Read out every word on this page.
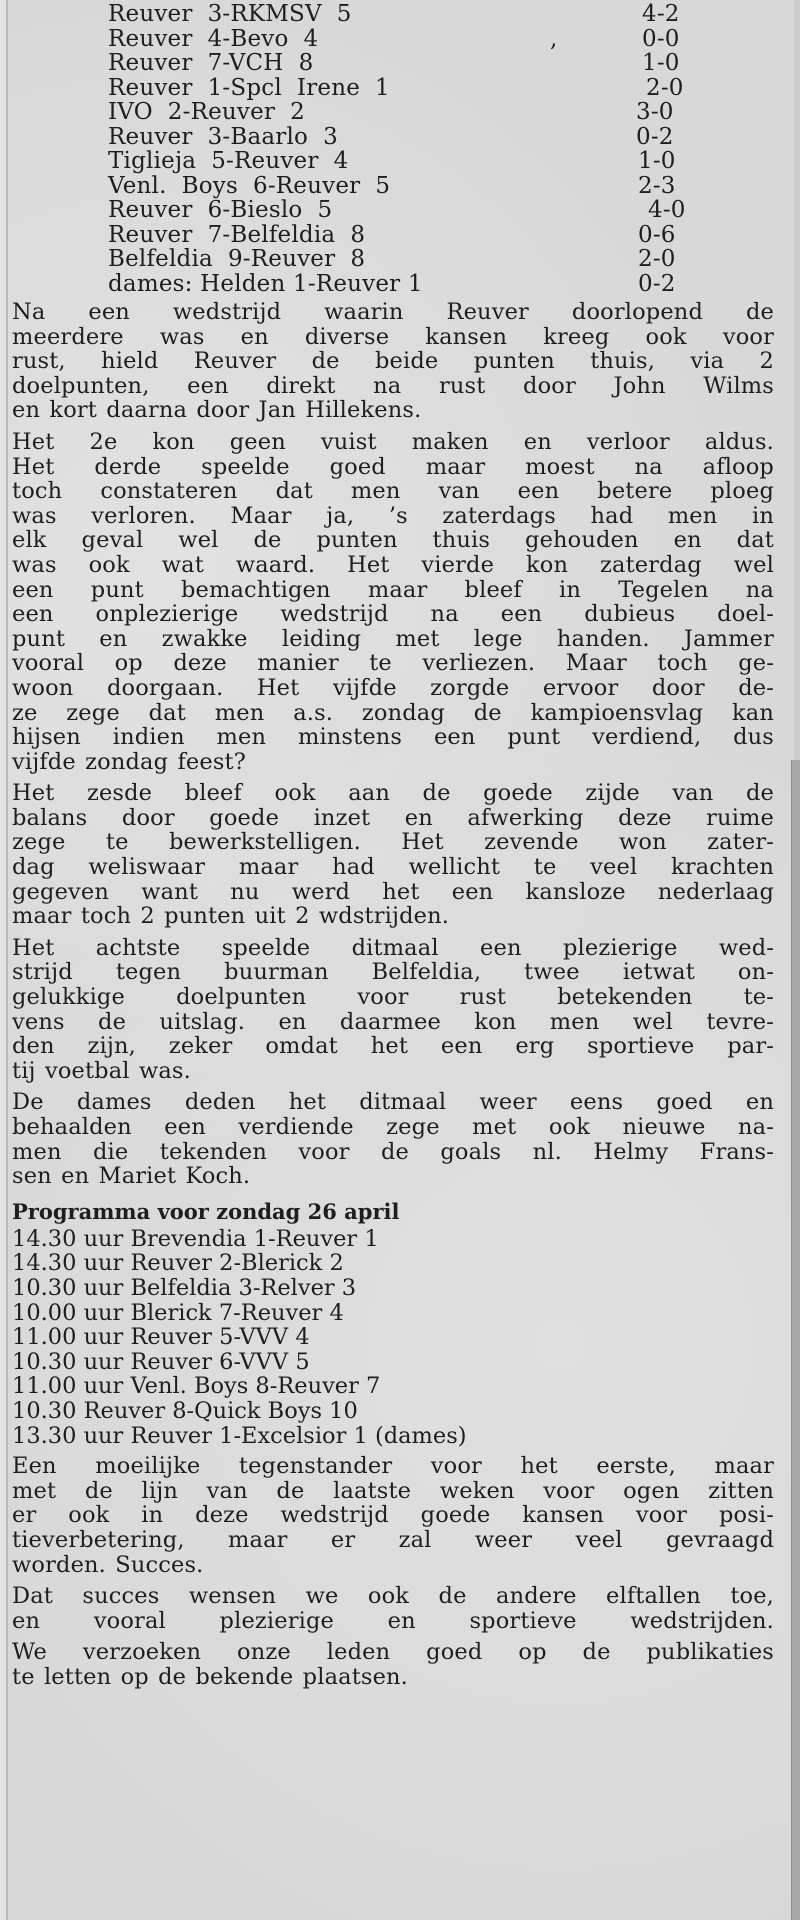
Reuver  3-RKMSV  5	4-2
Reuver  4-Bevo  4	,	0-0
Reuver  7-VCH  8	1-0
Reuver  1-Spcl  Irene  1	2-0
IVO  2-Reuver  2	3-0
Reuver  3-Baarlo  3	0-2
Tiglieja  5-Reuver  4	1-0
Venl.  Boys  6-Reuver  5	2-3
Reuver  6-Bieslo  5	4-0
Reuver  7-Belfeldia  8	0-6
Belfeldia  9-Reuver  8	2-0
dames: Helden 1-Reuver 1	0-2

Na een wedstrijd waarin Reuver doorlopend de
meerdere was en diverse kansen kreeg ook voor
rust, hield Reuver de beide punten thuis, via 2
doelpunten, een direkt na rust door John Wilms
en kort daarna door Jan Hillekens.

Het 2e kon geen vuist maken en verloor aldus.
Het derde speelde goed maar moest na afloop
toch constateren dat men van een betere ploeg
was verloren. Maar ja, ’s zaterdags had men in
elk geval wel de punten thuis gehouden en dat
was ook wat waard. Het vierde kon zaterdag wel
een punt bemachtigen maar bleef in Tegelen na
een onplezierige wedstrijd na een dubieus doel-
punt en zwakke leiding met lege handen. Jammer
vooral op deze manier te verliezen. Maar toch ge-
woon doorgaan. Het vijfde zorgde ervoor door de-
ze zege dat men a.s. zondag de kampioensvlag kan
hijsen indien men minstens een punt verdiend, dus
vijfde zondag feest?

Het zesde bleef ook aan de goede zijde van de
balans door goede inzet en afwerking deze ruime
zege te bewerkstelligen. Het zevende won zater-
dag weliswaar maar had wellicht te veel krachten
gegeven want nu werd het een kansloze nederlaag
maar toch 2 punten uit 2 wdstrijden.

Het achtste speelde ditmaal een plezierige wed-
strijd tegen buurman Belfeldia, twee ietwat on-
gelukkige doelpunten voor rust betekenden te-
vens de uitslag. en daarmee kon men wel tevre-
den zijn, zeker omdat het een erg sportieve par-
tij voetbal was.

De dames deden het ditmaal weer eens goed en
behaalden een verdiende zege met ook nieuwe na-
men die tekenden voor de goals nl. Helmy Frans-
sen en Mariet Koch.

Programma voor zondag 26 april
14.30 uur Brevendia 1-Reuver 1
14.30 uur Reuver 2-Blerick 2
10.30 uur Belfeldia 3-Relver 3
10.00 uur Blerick 7-Reuver 4
11.00 uur Reuver 5-VVV 4
10.30 uur Reuver 6-VVV 5
11.00 uur Venl. Boys 8-Reuver 7
10.30 Reuver 8-Quick Boys 10
13.30 uur Reuver 1-Excelsior 1 (dames)

Een moeilijke tegenstander voor het eerste, maar
met de lijn van de laatste weken voor ogen zitten
er ook in deze wedstrijd goede kansen voor posi-
tieverbetering, maar er zal weer veel gevraagd
worden. Succes.

Dat succes wensen we ook de andere elftallen toe,
en vooral plezierige en sportieve wedstrijden.

We verzoeken onze leden goed op de publikaties
te letten op de bekende plaatsen.
